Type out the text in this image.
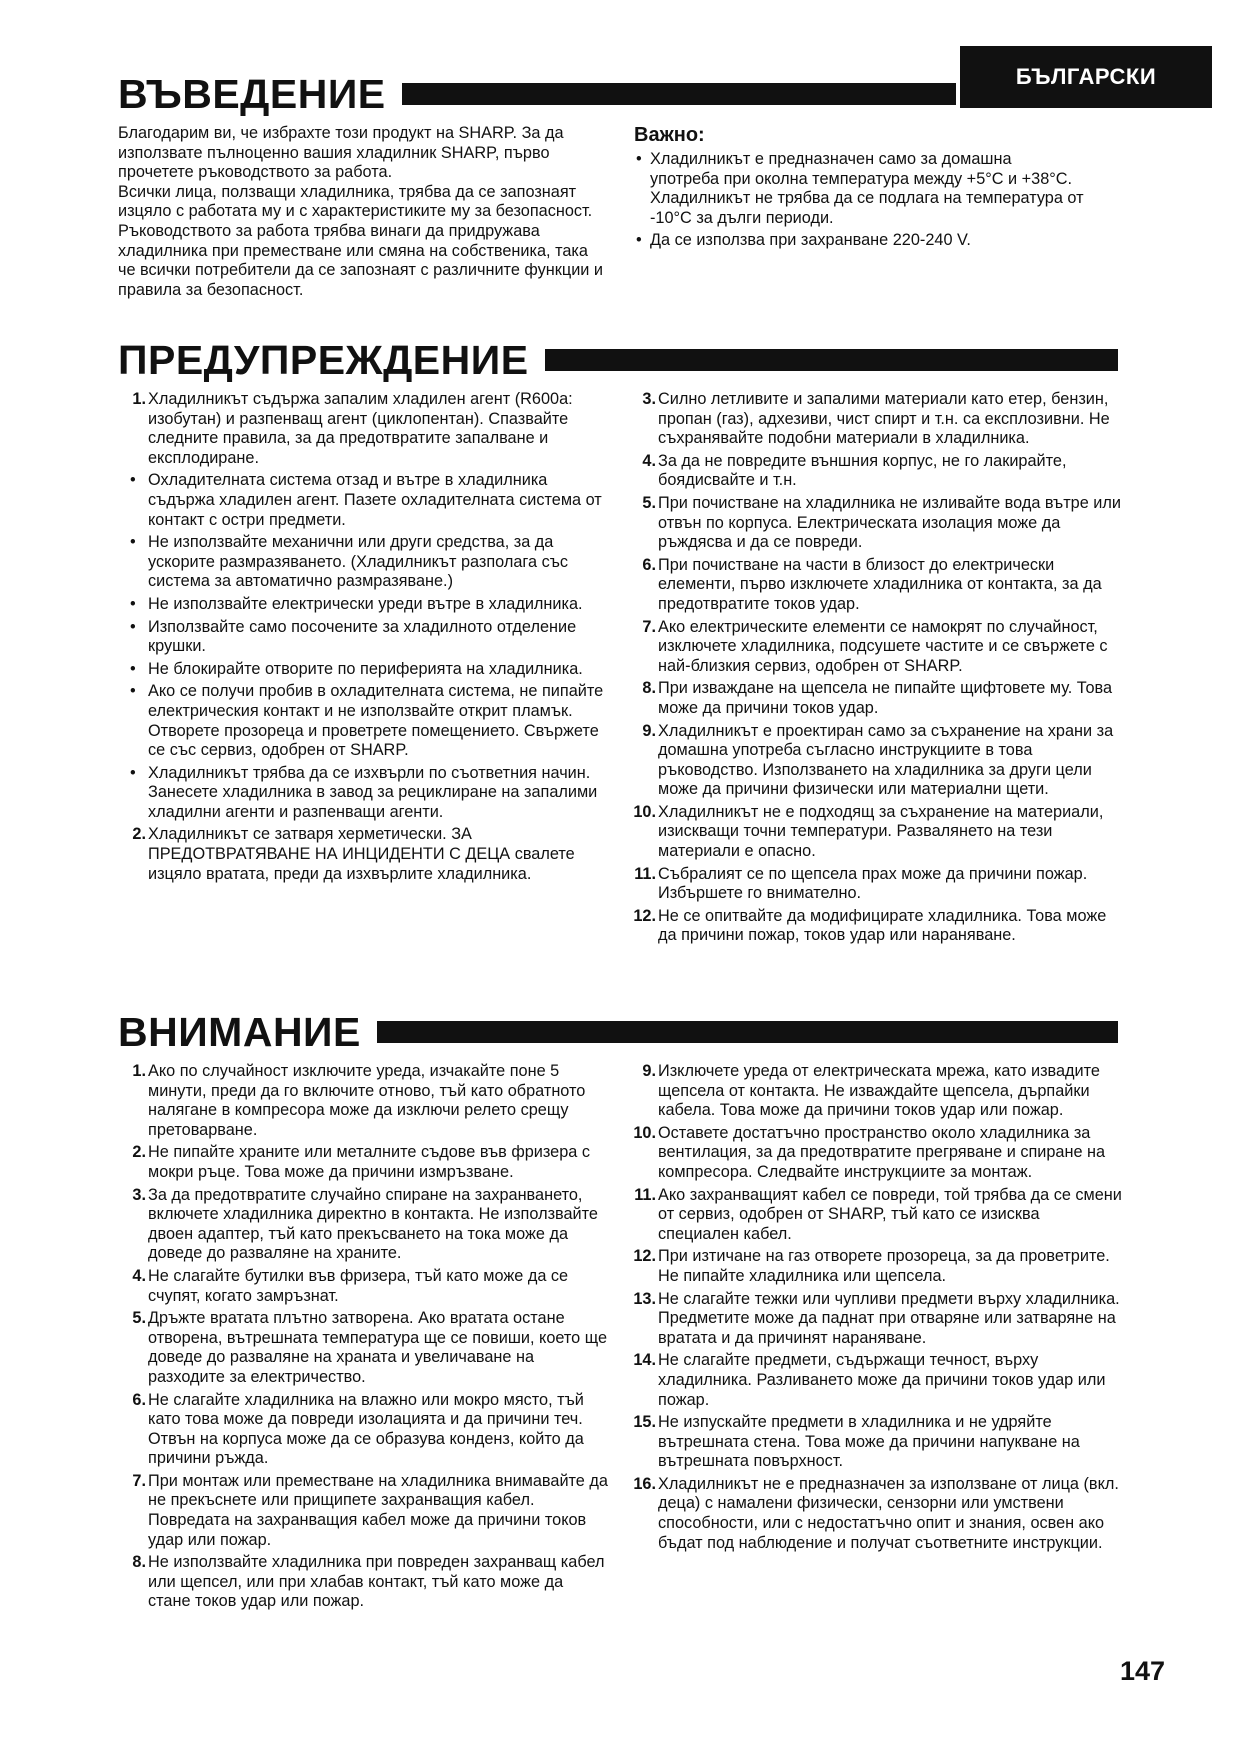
БЪЛГАРСКИ
ВЪВЕДЕНИЕ

Благодарим ви, че избрахте този продукт на SHARP. За да използвате пълноценно вашия хладилник SHARP, първо прочетете ръководството за работа.

Всички лица, ползващи хладилника, трябва да се запознаят изцяло с работата му и с характеристиките му за безопасност. Ръководството за работа трябва винаги да придружава хладилника при преместване или смяна на собственика, така че всички потребители да се запознаят с различните функции и правила за безопасност.

Важно:
• Хладилникът е предназначен само за домашна употреба при околна температура между +5°C и +38°C. Хладилникът не трябва да се подлага на температура от -10°C за дълги периоди.
• Да се използва при захранване 220-240 V.
ПРЕДУПРЕЖДЕНИЕ
1. Хладилникът съдържа запалим хладилен агент (R600a: изобутан) и разпенващ агент (циклопентан). Спазвайте следните правила, за да предотвратите запалване и експлодиране.
• Охладителната система отзад и вътре в хладилника съдържа хладилен агент. Пазете охладителната система от контакт с остри предмети.
• Не използвайте механични или други средства, за да ускорите размразяването. (Хладилникът разполага със система за автоматично размразяване.)
• Не използвайте електрически уреди вътре в хладилника.
• Използвайте само посочените за хладилното отделение крушки.
• Не блокирайте отворите по периферията на хладилника.
• Ако се получи пробив в охладителната система, не пипайте електрическия контакт и не използвайте открит пламък. Отворете прозореца и проветрете помещението. Свържете се със сервиз, одобрен от SHARP.
• Хладилникът трябва да се изхвърли по съответния начин. Занесете хладилника в завод за рециклиране на запалими хладилни агенти и разпенващи агенти.
2. Хладилникът се затваря херметически. ЗА ПРЕДОТВРАТЯВАНЕ НА ИНЦИДЕНТИ С ДЕЦА свалете изцяло вратата, преди да изхвърлите хладилника.
3. Силно летливите и запалими материали като етер, бензин, пропан (газ), адхезиви, чист спирт и т.н. са експлозивни. Не съхранявайте подобни материали в хладилника.
4. За да не повредите външния корпус, не го лакирайте, боядисвайте и т.н.
5. При почистване на хладилника не изливайте вода вътре или отвън по корпуса. Електрическата изолация може да ръждясва и да се повреди.
6. При почистване на части в близост до електрически елементи, първо изключете хладилника от контакта, за да предотвратите токов удар.
7. Ако електрическите елементи се намокрят по случайност, изключете хладилника, подсушете частите и се свържете с най-близкия сервиз, одобрен от SHARP.
8. При изваждане на щепсела не пипайте щифтовете му. Това може да причини токов удар.
9. Хладилникът е проектиран само за съхранение на храни за домашна употреба съгласно инструкциите в това ръководство. Използването на хладилника за други цели може да причини физически или материални щети.
10. Хладилникът не е подходящ за съхранение на материали, изискващи точни температури. Развалянето на тези материали е опасно.
11. Събралият се по щепсела прах може да причини пожар. Избършете го внимателно.
12. Не се опитвайте да модифицирате хладилника. Това може да причини пожар, токов удар или нараняване.
ВНИМАНИЕ
1. Ако по случайност изключите уреда, изчакайте поне 5 минути, преди да го включите отново, тъй като обратното налягане в компресора може да изключи релето срещу претоварване.
2. Не пипайте храните или металните съдове във фризера с мокри ръце. Това може да причини измръзване.
3. За да предотвратите случайно спиране на захранването, включете хладилника директно в контакта. Не използвайте двоен адаптер, тъй като прекъсването на тока може да доведе до разваляне на храните.
4. Не слагайте бутилки във фризера, тъй като може да се счупят, когато замръзнат.
5. Дръжте вратата плътно затворена. Ако вратата остане отворена, вътрешната температура ще се повиши, което ще доведе до разваляне на храната и увеличаване на разходите за електричество.
6. Не слагайте хладилника на влажно или мокро място, тъй като това може да повреди изолацията и да причини теч. Отвън на корпуса може да се образува конденз, който да причини ръжда.
7. При монтаж или преместване на хладилника внимавайте да не прекъснете или прищипете захранващия кабел. Повредата на захранващия кабел може да причини токов удар или пожар.
8. Не използвайте хладилника при повреден захранващ кабел или щепсел, или при хлабав контакт, тъй като може да стане токов удар или пожар.
9. Изключете уреда от електрическата мрежа, като извадите щепсела от контакта. Не изваждайте щепсела, дърпайки кабела. Това може да причини токов удар или пожар.
10. Оставете достатъчно пространство около хладилника за вентилация, за да предотвратите прегряване и спиране на компресора. Следвайте инструкциите за монтаж.
11. Ако захранващият кабел се повреди, той трябва да се смени от сервиз, одобрен от SHARP, тъй като се изисква специален кабел.
12. При изтичане на газ отворете прозореца, за да проветрите. Не пипайте хладилника или щепсела.
13. Не слагайте тежки или чупливи предмети върху хладилника. Предметите може да паднат при отваряне или затваряне на вратата и да причинят нараняване.
14. Не слагайте предмети, съдържащи течност, върху хладилника. Разливането може да причини токов удар или пожар.
15. Не изпускайте предмети в хладилника и не удряйте вътрешната стена. Това може да причини напукване на вътрешната повърхност.
16. Хладилникът не е предназначен за използване от лица (вкл. деца) с намалени физически, сензорни или умствени способности, или с недостатъчно опит и знания, освен ако бъдат под наблюдение и получат съответните инструкции.
147
